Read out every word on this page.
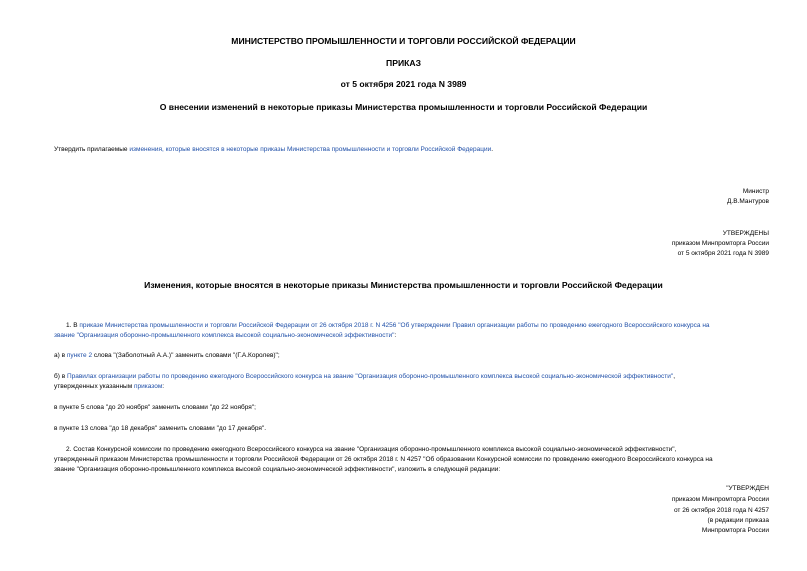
МИНИСТЕРСТВО ПРОМЫШЛЕННОСТИ И ТОРГОВЛИ РОССИЙСКОЙ ФЕДЕРАЦИИ
ПРИКАЗ
от 5 октября 2021 года N 3989
О внесении изменений в некоторые приказы Министерства промышленности и торговли Российской Федерации
Утвердить прилагаемые изменения, которые вносятся в некоторые приказы Министерства промышленности и торговли Российской Федерации.
Министр
Д.В.Мантуров
УТВЕРЖДЕНЫ
приказом Минпромторга России
от 5 октября 2021 года N 3989
Изменения, которые вносятся в некоторые приказы Министерства промышленности и торговли Российской Федерации
1. В приказе Министерства промышленности и торговли Российской Федерации от 26 октября 2018 г. N 4256 "Об утверждении Правил организации работы по проведению ежегодного Всероссийского конкурса на
звание "Организация оборонно-промышленного комплекса высокой социально-экономической эффективности":
а) в пункте 2 слова "(Заболотный А.А.)" заменить словами "(Г.А.Королев)";
б) в Правилах организации работы по проведению ежегодного Всероссийского конкурса на звание "Организация оборонно-промышленного комплекса высокой социально-экономической эффективности",
утвержденных указанным приказом:
в пункте 5 слова "до 20 ноября" заменить словами "до 22 ноября";
в пункте 13 слова "до 18 декабря" заменить словами "до 17 декабря".
2. Состав Конкурсной комиссии по проведению ежегодного Всероссийского конкурса на звание "Организация оборонно-промышленного комплекса высокой социально-экономической эффективности",
утвержденный приказом Министерства промышленности и торговли Российской Федерации от 26 октября 2018 г. N 4257 "Об образовании Конкурсной комиссии по проведению ежегодного Всероссийского конкурса на
звание "Организация оборонно-промышленного комплекса высокой социально-экономической эффективности", изложить в следующей редакции:
"УТВЕРЖДЕН
приказом Минпромторга России
от 26 октября 2018 года N 4257
(в редакции приказа
Минпромторга России
